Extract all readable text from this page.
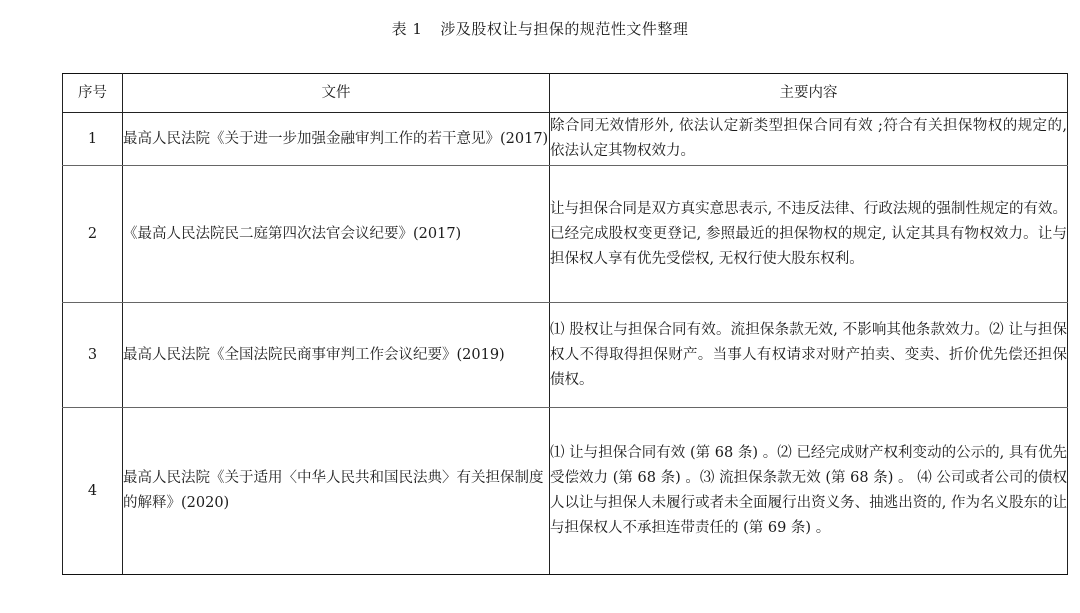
表 1 涉及股权让与担保的规范性文件整理
序号	文件	主要内容
1	最高人民法院《关于进一步加强金融审判工作的若干意见》(2017)	除合同无效情形外, 依法认定新类型担保合同有效 ;符合有关担保物权的规定的, 依法认定其物权效力。
2	《最高人民法院民二庭第四次法官会议纪要》(2017)	让与担保合同是双方真实意思表示, 不违反法律、行政法规的强制性规定的有效。已经完成股权变更登记, 参照最近的担保物权的规定, 认定其具有物权效力。让与担保权人享有优先受偿权, 无权行使大股东权利。
3	最高人民法院《全国法院民商事审判工作会议纪要》(2019)	⑴ 股权让与担保合同有效。流担保条款无效, 不影响其他条款效力。⑵ 让与担保权人不得取得担保财产。当事人有权请求对财产拍卖、变卖、折价优先偿还担保债权。
4	最高人民法院《关于适用〈中华人民共和国民法典〉有关担保制度的解释》(2020)	⑴ 让与担保合同有效 (第 68 条) 。⑵ 已经完成财产权利变动的公示的, 具有优先受偿效力 (第 68 条) 。⑶ 流担保条款无效 (第 68 条) 。 ⑷ 公司或者公司的债权人以让与担保人未履行或者未全面履行出资义务、抽逃出资的, 作为名义股东的让与担保权人不承担连带责任的 (第 69 条) 。
